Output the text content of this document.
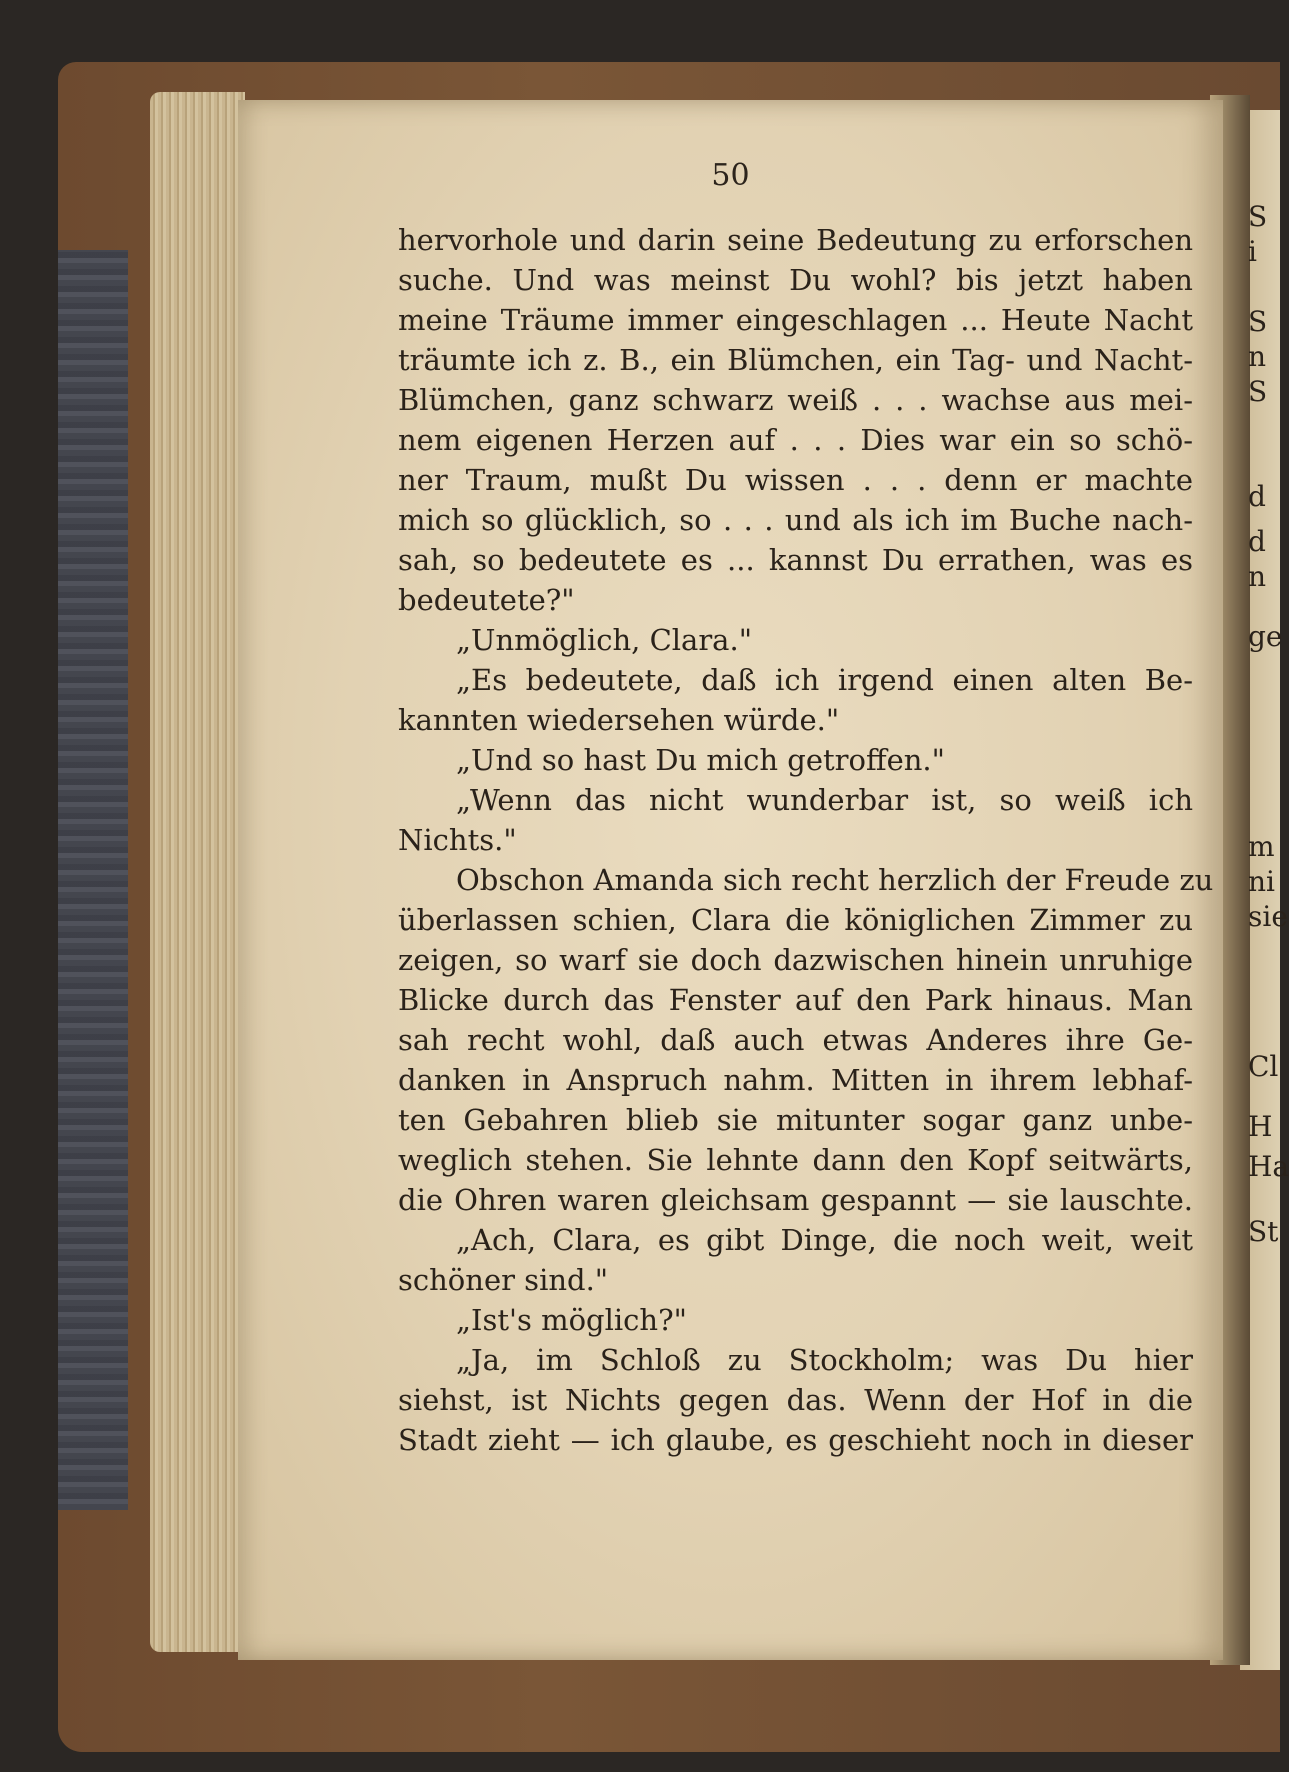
50
hervorhole und darin seine Bedeutung zu erforschen
suche. Und was meinst Du wohl? bis jetzt haben
meine Träume immer eingeschlagen ... Heute Nacht
träumte ich z. B., ein Blümchen, ein Tag- und Nacht-
Blümchen, ganz schwarz weiß . . . wachse aus mei-
nem eigenen Herzen auf . . . Dies war ein so schö-
ner Traum, mußt Du wissen . . . denn er machte
mich so glücklich, so . . . und als ich im Buche nach-
sah, so bedeutete es ... kannst Du errathen, was es
bedeutete?"
„Unmöglich, Clara."
„Es bedeutete, daß ich irgend einen alten Be-
kannten wiedersehen würde."
„Und so hast Du mich getroffen."
„Wenn das nicht wunderbar ist, so weiß ich
Nichts."
Obschon Amanda sich recht herzlich der Freude zu
überlassen schien, Clara die königlichen Zimmer zu
zeigen, so warf sie doch dazwischen hinein unruhige
Blicke durch das Fenster auf den Park hinaus. Man
sah recht wohl, daß auch etwas Anderes ihre Ge-
danken in Anspruch nahm. Mitten in ihrem lebhaf-
ten Gebahren blieb sie mitunter sogar ganz unbe-
weglich stehen. Sie lehnte dann den Kopf seitwärts,
die Ohren waren gleichsam gespannt — sie lauschte.
„Ach, Clara, es gibt Dinge, die noch weit, weit
schöner sind."
„Ist's möglich?"
„Ja, im Schloß zu Stockholm; was Du hier
siehst, ist Nichts gegen das. Wenn der Hof in die
Stadt zieht — ich glaube, es geschieht noch in dieser
S
i
S
n
S
d
d
n
ge
m
ni
sie
Cl
H
Ha
St
